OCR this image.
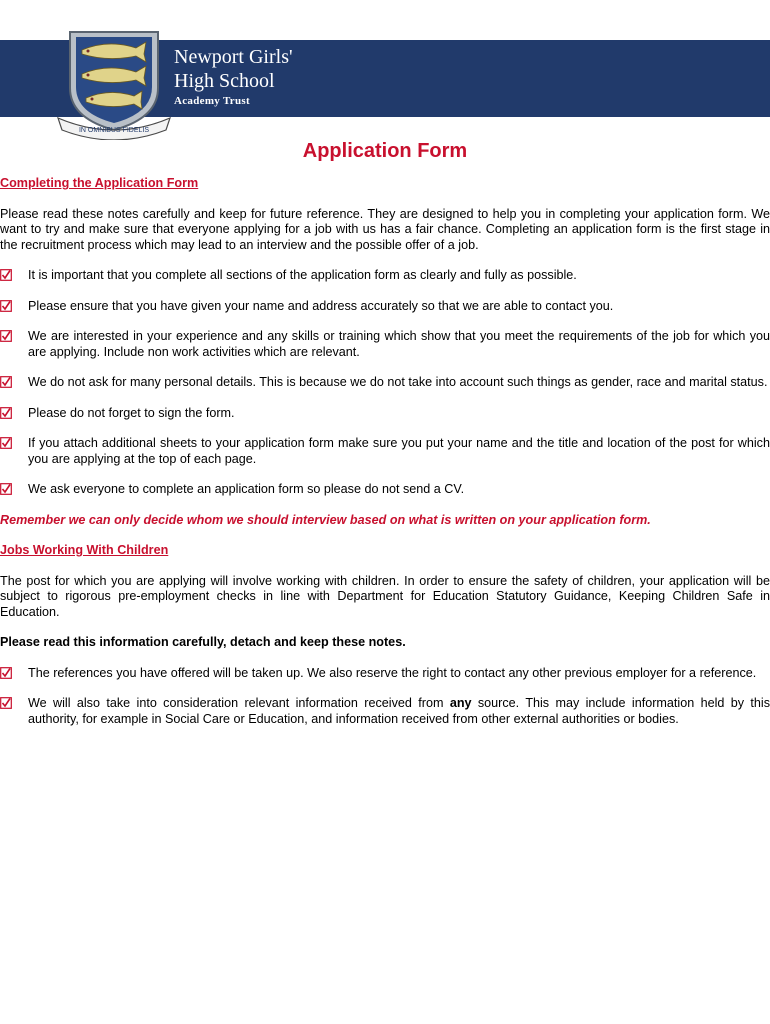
IN OMNIBUS FIDELIS
Newport Girls'
High School
Academy Trust
Application Form

Completing the Application Form

Please read these notes carefully and keep for future reference. They are designed to help you in completing your application form. We want to try and make sure that everyone applying for a job with us has a fair chance. Completing an application form is the first stage in the recruitment process which may lead to an interview and the possible offer of a job.

It is important that you complete all sections of the application form as clearly and fully as possible.
Please ensure that you have given your name and address accurately so that we are able to contact you.
We are interested in your experience and any skills or training which show that you meet the requirements of the job for which you are applying. Include non work activities which are relevant.
We do not ask for many personal details. This is because we do not take into account such things as gender, race and marital status.
Please do not forget to sign the form.
If you attach additional sheets to your application form make sure you put your name and the title and location of the post for which you are applying at the top of each page.
We ask everyone to complete an application form so please do not send a CV.

Remember we can only decide whom we should interview based on what is written on your application form.

Jobs Working With Children

The post for which you are applying will involve working with children. In order to ensure the safety of children, your application will be subject to rigorous pre-employment checks in line with Department for Education Statutory Guidance, Keeping Children Safe in Education.

Please read this information carefully, detach and keep these notes.

The references you have offered will be taken up. We also reserve the right to contact any other previous employer for a reference.
We will also take into consideration relevant information received from any source. This may include information held by this authority, for example in Social Care or Education, and information received from other external authorities or bodies.
